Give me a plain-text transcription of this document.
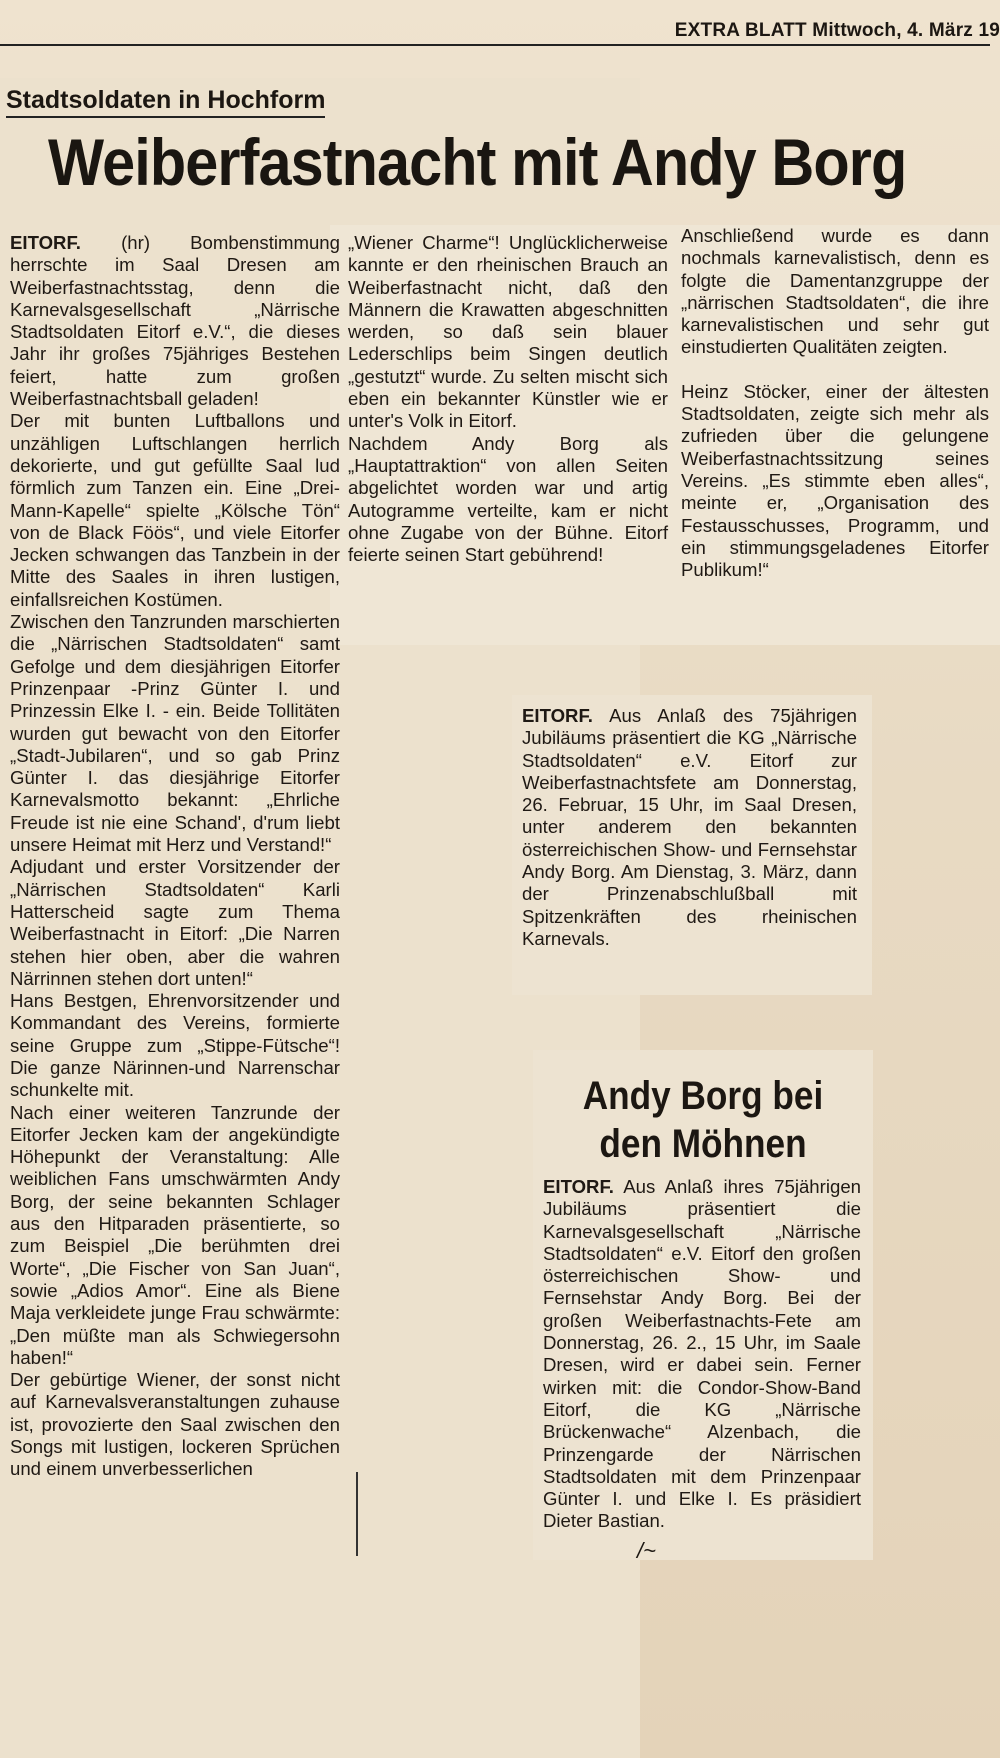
EXTRA BLATT Mittwoch, 4. März 19
Stadtsoldaten in Hochform
Weiberfastnacht mit Andy Borg

EITORF. (hr) Bombenstimmung herrschte im Saal Dresen am Weiberfastnachtsstag, denn die Karnevalsgesellschaft „Närrische Stadtsoldaten Eitorf e.V.“, die dieses Jahr ihr großes 75jähriges Bestehen feiert, hatte zum großen Weiberfastnachtsball geladen!

Der mit bunten Luftballons und unzähligen Luftschlangen herrlich dekorierte, und gut gefüllte Saal lud förmlich zum Tanzen ein. Eine „Drei-Mann-Kapelle“ spielte „Kölsche Tön“ von de Black Föös“, und viele Eitorfer Jecken schwangen das Tanzbein in der Mitte des Saales in ihren lustigen, einfallsreichen Kostümen.

Zwischen den Tanzrunden marschierten die „Närrischen Stadtsoldaten“ samt Gefolge und dem diesjährigen Eitorfer Prinzenpaar -Prinz Günter I. und Prinzessin Elke I. - ein. Beide Tollitäten wurden gut bewacht von den Eitorfer „Stadt-Jubilaren“, und so gab Prinz Günter I. das diesjährige Eitorfer Karnevalsmotto bekannt: „Ehrliche Freude ist nie eine Schand', d'rum liebt unsere Heimat mit Herz und Verstand!“

Adjudant und erster Vorsitzender der „Närrischen Stadtsoldaten“ Karli Hatterscheid sagte zum Thema Weiberfastnacht in Eitorf: „Die Narren stehen hier oben, aber die wahren Närrinnen stehen dort unten!“

Hans Bestgen, Ehrenvorsitzender und Kommandant des Vereins, formierte seine Gruppe zum „Stippe-Fütsche“! Die ganze Närinnen-und Narrenschar schunkelte mit.

Nach einer weiteren Tanzrunde der Eitorfer Jecken kam der angekündigte Höhepunkt der Veranstaltung: Alle weiblichen Fans umschwärmten Andy Borg, der seine bekannten Schlager aus den Hitparaden präsentierte, so zum Beispiel „Die berühmten drei Worte“, „Die Fischer von San Juan“, sowie „Adios Amor“. Eine als Biene Maja verkleidete junge Frau schwärmte: „Den müßte man als Schwiegersohn haben!“

Der gebürtige Wiener, der sonst nicht auf Karnevalsveranstaltungen zuhause ist, provozierte den Saal zwischen den Songs mit lustigen, lockeren Sprüchen und einem unverbesserlichen

„Wiener Charme“! Unglücklicherweise kannte er den rheinischen Brauch an Weiberfastnacht nicht, daß den Männern die Krawatten abgeschnitten werden, so daß sein blauer Lederschlips beim Singen deutlich „gestutzt“ wurde. Zu selten mischt sich eben ein bekannter Künstler wie er unter's Volk in Eitorf.

Nachdem Andy Borg als „Hauptattraktion“ von allen Seiten abgelichtet worden war und artig Autogramme verteilte, kam er nicht ohne Zugabe von der Bühne. Eitorf feierte seinen Start gebührend!

Anschließend wurde es dann nochmals karnevalistisch, denn es folgte die Damentanzgruppe der „närrischen Stadtsoldaten“, die ihre karnevalistischen und sehr gut einstudierten Qualitäten zeigten.

Heinz Stöcker, einer der ältesten Stadtsoldaten, zeigte sich mehr als zufrieden über die gelungene Weiberfastnachtssitzung seines Vereins. „Es stimmte eben alles“, meinte er, „Organisation des Festausschusses, Programm, und ein stimmungsgeladenes Eitorfer Publikum!“

EITORF. Aus Anlaß des 75jährigen Jubiläums präsentiert die KG „Närrische Stadtsoldaten“ e.V. Eitorf zur Weiberfastnachtsfete am Donnerstag, 26. Februar, 15 Uhr, im Saal Dresen, unter anderem den bekannten österreichischen Show- und Fernsehstar Andy Borg. Am Dienstag, 3. März, dann der Prinzenabschlußball mit Spitzenkräften des rheinischen Karnevals.

Andy Borg bei
den Möhnen

EITORF. Aus Anlaß ihres 75jährigen Jubiläums präsentiert die Karnevalsgesellschaft „Närrische Stadtsoldaten“ e.V. Eitorf den großen österreichischen Show- und Fernsehstar Andy Borg. Bei der großen Weiberfastnachts-Fete am Donnerstag, 26. 2., 15 Uhr, im Saale Dresen, wird er dabei sein. Ferner wirken mit: die Condor-Show-Band Eitorf, die KG „Närrische Brückenwache“ Alzenbach, die Prinzengarde der Närrischen Stadtsoldaten mit dem Prinzenpaar Günter I. und Elke I. Es präsidiert Dieter Bastian.

/~
